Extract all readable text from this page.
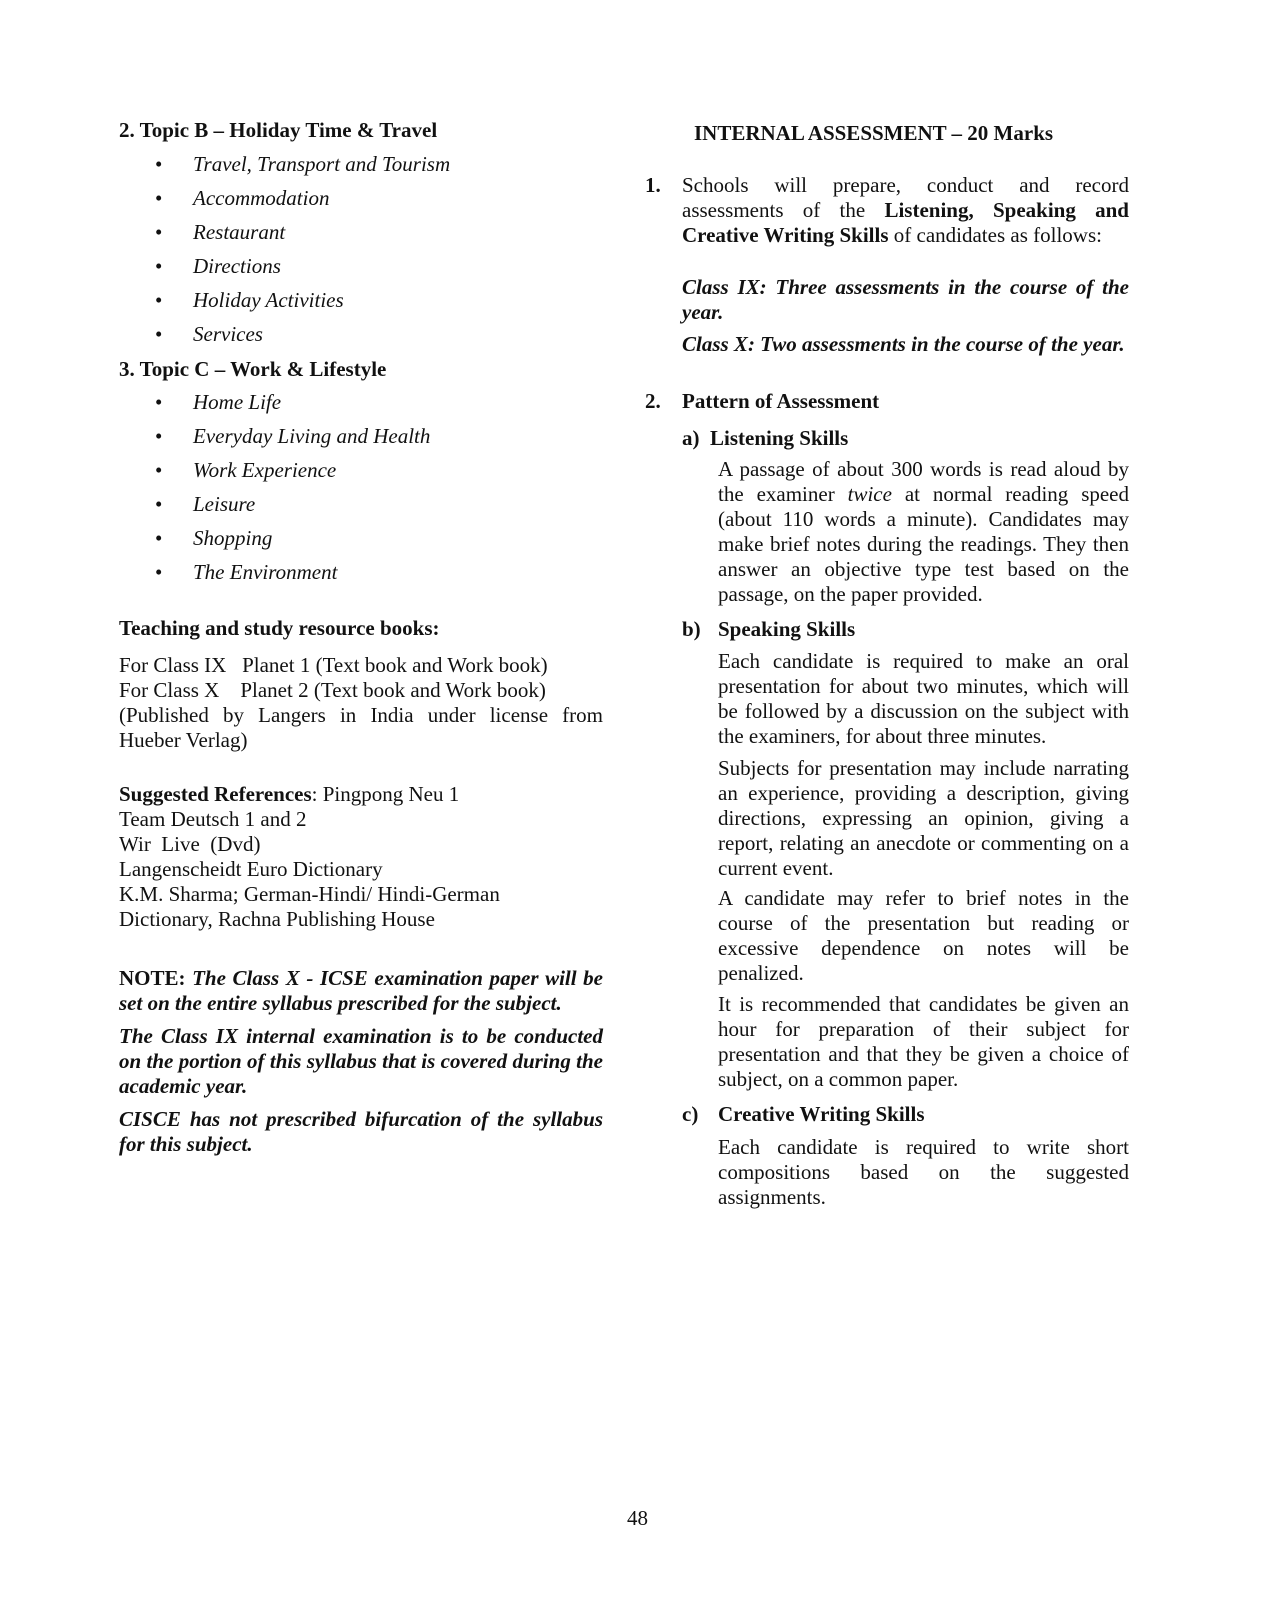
2. Topic B – Holiday Time & Travel
• Travel, Transport and Tourism
• Accommodation
• Restaurant
• Directions
• Holiday Activities
• Services
3. Topic C – Work & Lifestyle
• Home Life
• Everyday Living and Health
• Work Experience
• Leisure
• Shopping
• The Environment
Teaching and study resource books:
For Class IX   Planet 1 (Text book and Work book)
For Class X    Planet 2 (Text book and Work book)
(Published by Langers in India under license from Hueber Verlag)
Suggested References: Pingpong Neu 1
Team Deutsch 1 and 2
Wir  Live  (Dvd)
Langenscheidt Euro Dictionary
K.M. Sharma; German-Hindi/ Hindi-German
Dictionary, Rachna Publishing House
NOTE: The Class X - ICSE examination paper will be set on the entire syllabus prescribed for the subject.
The Class IX internal examination is to be conducted on the portion of this syllabus that is covered during the academic year.
CISCE has not prescribed bifurcation of the syllabus for this subject.
INTERNAL ASSESSMENT – 20 Marks
1. Schools will prepare, conduct and record assessments of the Listening, Speaking and Creative Writing Skills of candidates as follows:
Class IX: Three assessments in the course of the year.
Class X: Two assessments in the course of the year.
2. Pattern of Assessment
a)  Listening Skills
A passage of about 300 words is read aloud by the examiner twice at normal reading speed (about 110 words a minute). Candidates may make brief notes during the readings. They then answer an objective type test based on the passage, on the paper provided.
b) Speaking Skills
Each candidate is required to make an oral presentation for about two minutes, which will be followed by a discussion on the subject with the examiners, for about three minutes.
Subjects for presentation may include narrating an experience, providing a description, giving directions, expressing an opinion, giving a report, relating an anecdote or commenting on a current event.
A candidate may refer to brief notes in the course of the presentation but reading or excessive dependence on notes will be penalized.
It is recommended that candidates be given an hour for preparation of their subject for presentation and that they be given a choice of subject, on a common paper.
c) Creative Writing Skills
Each candidate is required to write short compositions based on the suggested assignments.
48
